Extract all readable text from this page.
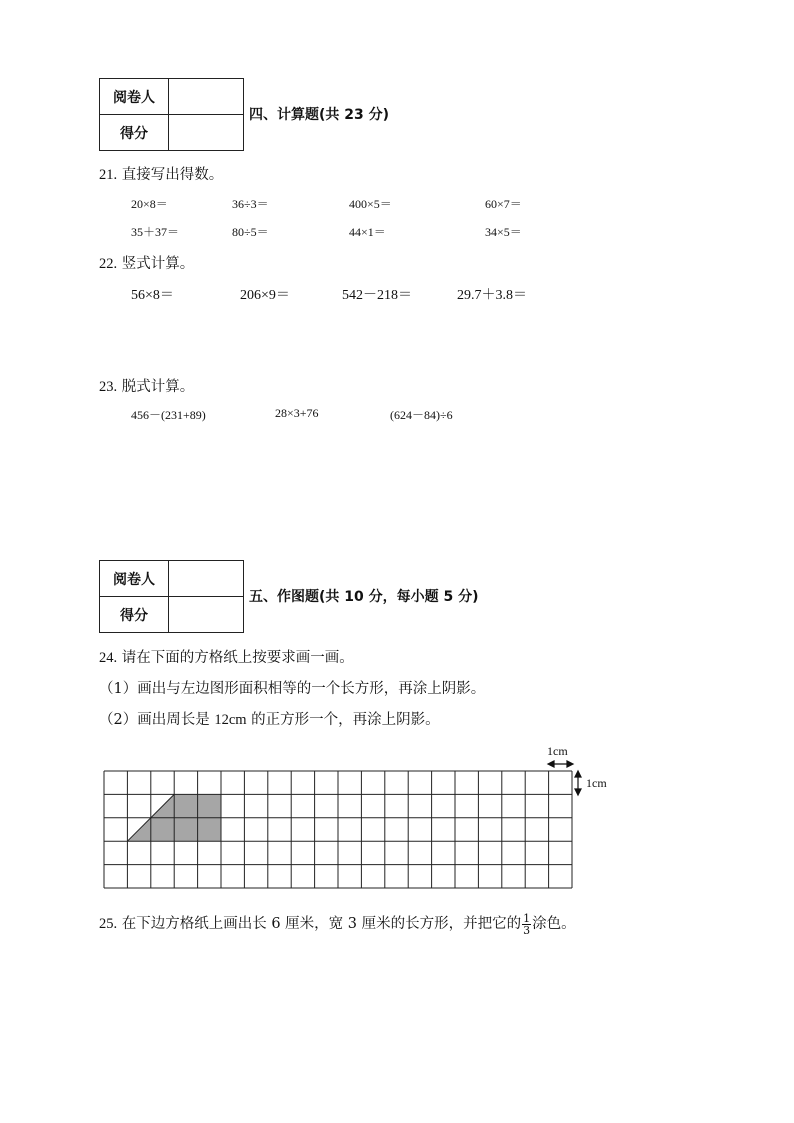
阅卷人	
得分	
四、计算题(共 23 分)
21. 直接写出得数。
20×8＝	36÷3＝	400×5＝	60×7＝
35＋37＝	80÷5＝	44×1＝	34×5＝
22. 竖式计算。
56×8＝	206×9＝	542－218＝	29.7＋3.8＝
23. 脱式计算。
456－(231+89)	28×3+76	(624－84)÷6
阅卷人	
得分	
五、作图题(共 10 分，每小题 5 分)
24. 请在下面的方格纸上按要求画一画。
（1）画出与左边图形面积相等的一个长方形，再涂上阴影。
（2）画出周长是 12cm 的正方形一个，再涂上阴影。
1cm
1cm
25. 在下边方格纸上画出长 6 厘米，宽 3 厘米的长方形，并把它的 $\frac{1}{3}$ 涂色。
